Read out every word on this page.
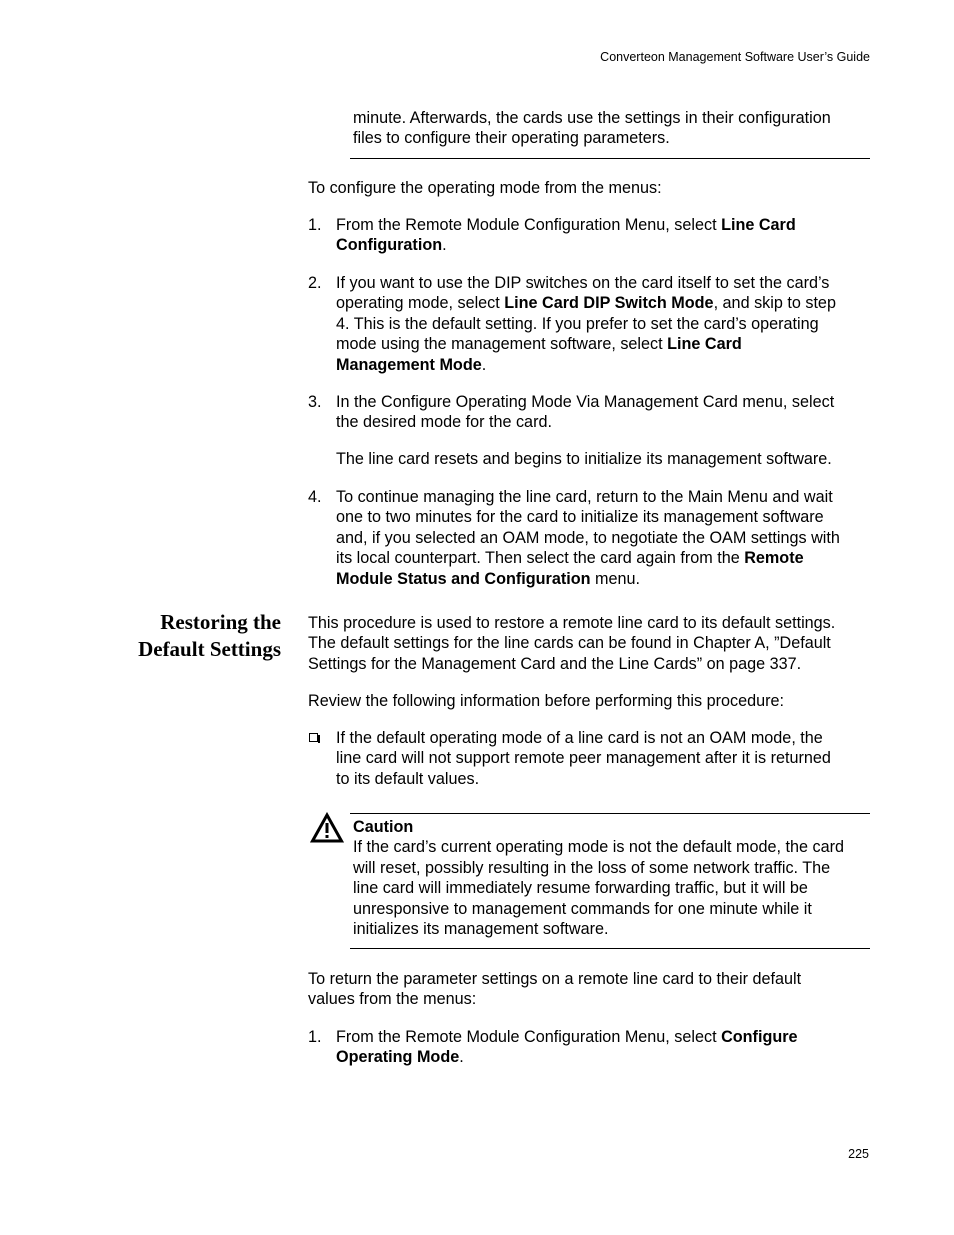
Converteon Management Software User’s Guide
minute. Afterwards, the cards use the settings in their configuration
files to configure their operating parameters.
To configure the operating mode from the menus:
1. From the Remote Module Configuration Menu, select Line Card
Configuration.
2. If you want to use the DIP switches on the card itself to set the card’s
operating mode, select Line Card DIP Switch Mode, and skip to step
4. This is the default setting. If you prefer to set the card’s operating
mode using the management software, select Line Card
Management Mode.
3. In the Configure Operating Mode Via Management Card menu, select
the desired mode for the card.
The line card resets and begins to initialize its management software.
4. To continue managing the line card, return to the Main Menu and wait
one to two minutes for the card to initialize its management software
and, if you selected an OAM mode, to negotiate the OAM settings with
its local counterpart. Then select the card again from the Remote
Module Status and Configuration menu.
Restoring the
Default Settings
This procedure is used to restore a remote line card to its default settings.
The default settings for the line cards can be found in Chapter A, ”Default
Settings for the Management Card and the Line Cards” on page 337.
Review the following information before performing this procedure:
If the default operating mode of a line card is not an OAM mode, the
line card will not support remote peer management after it is returned
to its default values.
Caution
If the card’s current operating mode is not the default mode, the card
will reset, possibly resulting in the loss of some network traffic. The
line card will immediately resume forwarding traffic, but it will be
unresponsive to management commands for one minute while it
initializes its management software.
To return the parameter settings on a remote line card to their default
values from the menus:
1. From the Remote Module Configuration Menu, select Configure
Operating Mode.
225
